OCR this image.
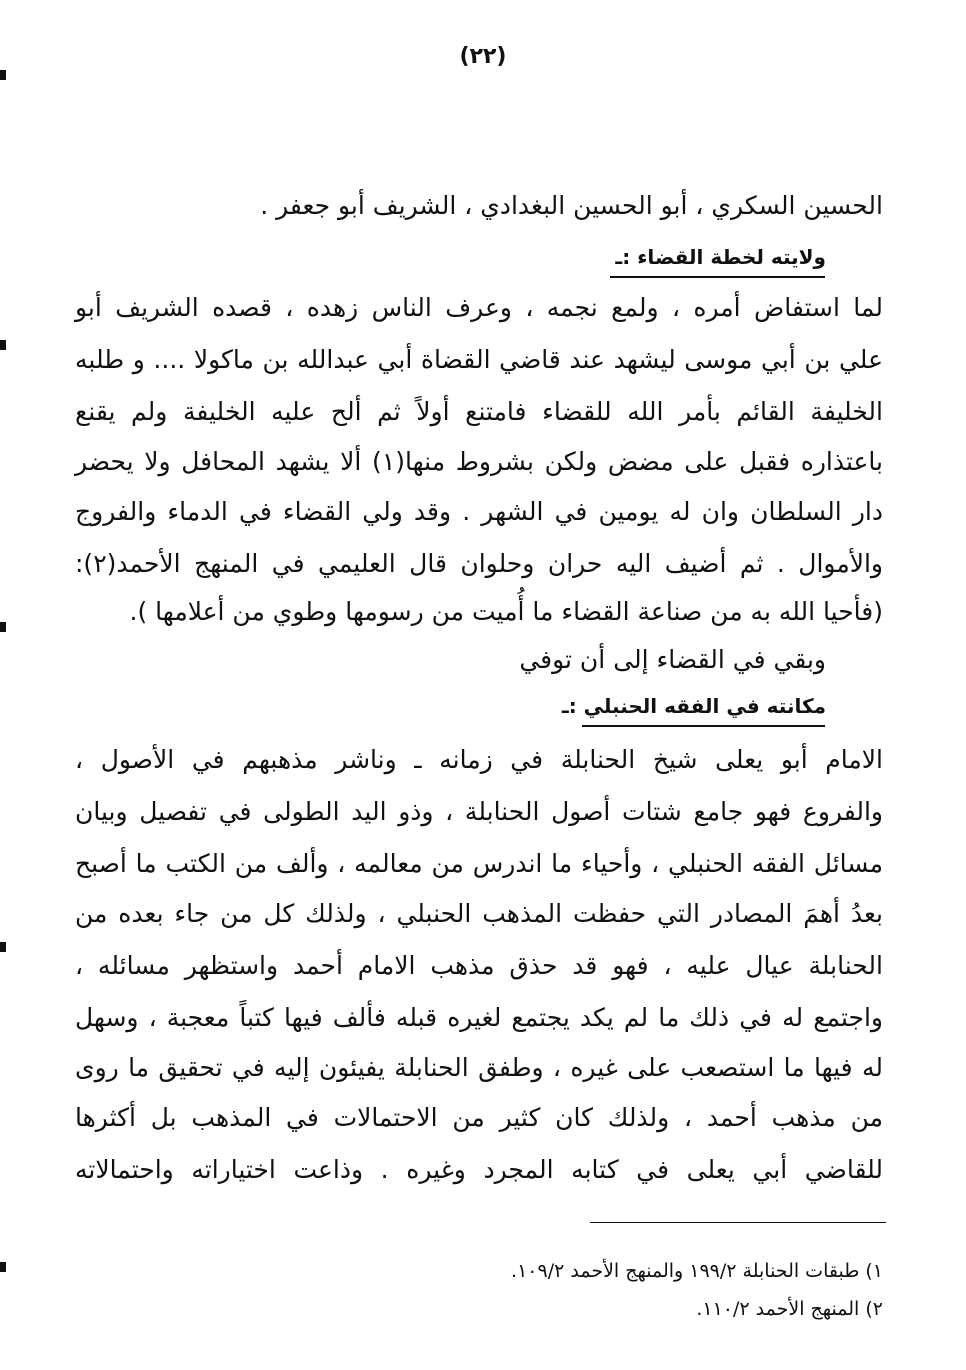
(٢٢)
الحسين السكري ، أبو الحسين البغدادي ، الشريف أبو جعفر .
ولايته لخطة القضاء :ـ
لما استفاض أمره ، ولمع نجمه ، وعرف الناس زهده ، قصده الشريف أبو
علي بن أبي موسى ليشهد عند قاضي القضاة أبي عبدالله بن ماكولا .... و طلبه
الخليفة القائم بأمر الله للقضاء فامتنع أولاً ثم ألح عليه الخليفة ولم يقنع
باعتذاره فقبل على مضض ولكن بشروط منها(١) ألا يشهد المحافل ولا يحضر
دار السلطان وان له يومين في الشهر . وقد ولي القضاء في الدماء والفروج
والأموال . ثم أضيف اليه حران وحلوان قال العليمي في المنهج الأحمد(٢):
(فأحيا الله به من صناعة القضاء ما أُميت من رسومها وطوي من أعلامها ).
وبقي في القضاء إلى أن توفي
مكانته في الفقه الحنبلي :ـ
الامام أبو يعلى شيخ الحنابلة في زمانه ـ وناشر مذهبهم في الأصول ،
والفروع فهو جامع شتات أصول الحنابلة ، وذو اليد الطولى في تفصيل وبيان
مسائل الفقه الحنبلي ، وأحياء ما اندرس من معالمه ، وألف من الكتب ما أصبح
بعدُ أهمَ المصادر التي حفظت المذهب الحنبلي ، ولذلك كل من جاء بعده من
الحنابلة عيال عليه ، فهو قد حذق مذهب الامام أحمد واستظهر مسائله ،
واجتمع له في ذلك ما لم يكد يجتمع لغيره قبله فألف فيها كتباً معجبة ، وسهل
له فيها ما استصعب على غيره ، وطفق الحنابلة يفيئون إليه في تحقيق ما روى
من مذهب أحمد ، ولذلك كان كثير من الاحتمالات في المذهب بل أكثرها
للقاضي أبي يعلى في كتابه المجرد وغيره . وذاعت اختياراته واحتمالاته
١) طبقات الحنابلة ١٩٩/٢ والمنهج الأحمد ١٠٩/٢.
٢) المنهج الأحمد ١١٠/٢.
